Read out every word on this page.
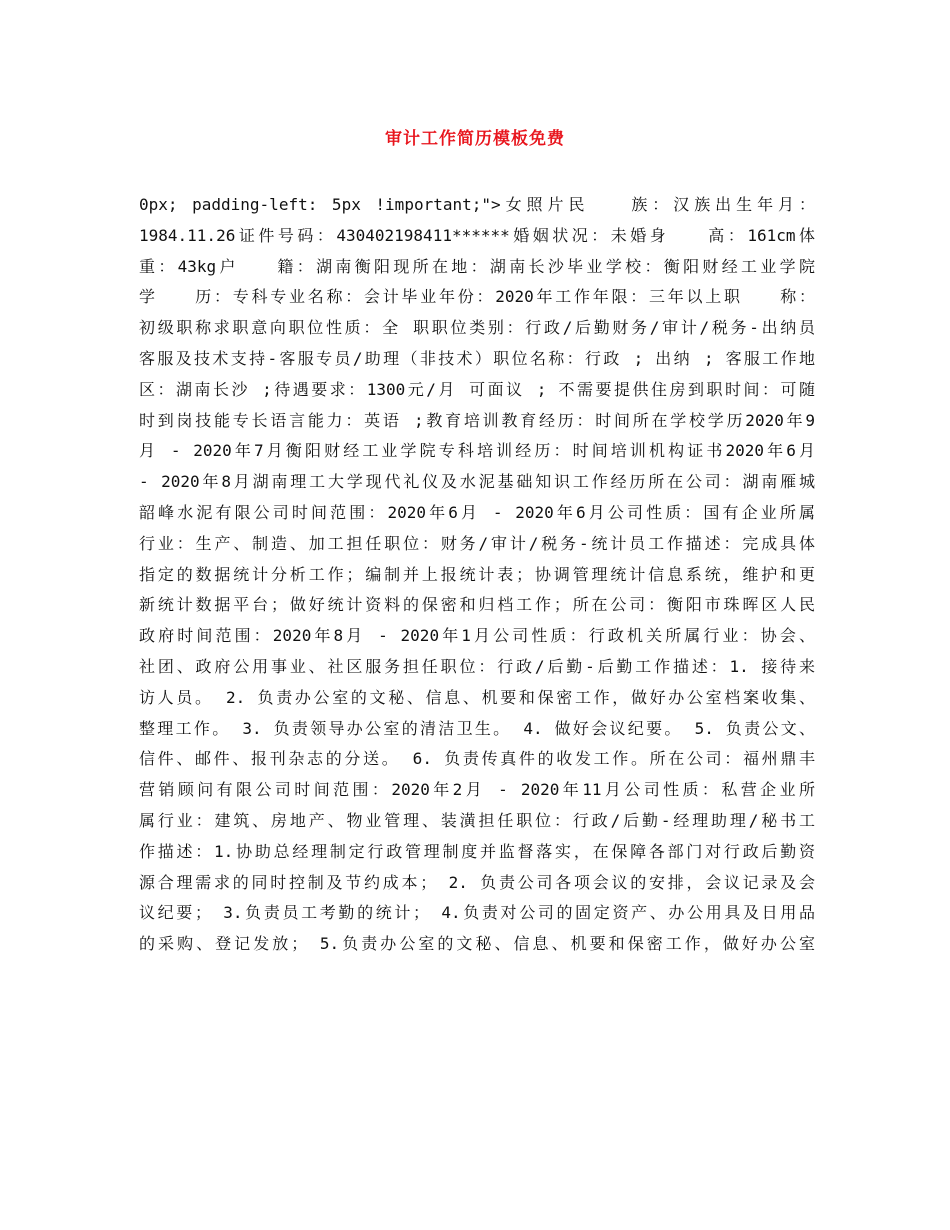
审计工作简历模板免费
0px; padding-left: 5px !important;">女照片民　　族：汉族出生年月：
1984.11.26证件号码：430402198411******婚姻状况：未婚身　　高：161cm体
重：43kg户　　籍：湖南衡阳现所在地：湖南长沙毕业学校：衡阳财经工业学院
学　　历：专科专业名称：会计毕业年份：2020年工作年限：三年以上职　　称：
初级职称求职意向职位性质：全 职职位类别：行政/后勤财务/审计/税务-出纳员
客服及技术支持-客服专员/助理（非技术）职位名称：行政 ; 出纳 ; 客服工作地
区：湖南长沙 ;待遇要求：1300元/月 可面议 ; 不需要提供住房到职时间：可随
时到岗技能专长语言能力：英语 ;教育培训教育经历：时间所在学校学历2020年9
月 - 2020年7月衡阳财经工业学院专科培训经历：时间培训机构证书2020年6月
- 2020年8月湖南理工大学现代礼仪及水泥基础知识工作经历所在公司：湖南雁城
韶峰水泥有限公司时间范围：2020年6月 - 2020年6月公司性质：国有企业所属
行业：生产、制造、加工担任职位：财务/审计/税务-统计员工作描述：完成具体
指定的数据统计分析工作；编制并上报统计表；协调管理统计信息系统，维护和更
新统计数据平台；做好统计资料的保密和归档工作；所在公司：衡阳市珠晖区人民
政府时间范围：2020年8月 - 2020年1月公司性质：行政机关所属行业：协会、
社团、政府公用事业、社区服务担任职位：行政/后勤-后勤工作描述：1. 接待来
访人员。 2. 负责办公室的文秘、信息、机要和保密工作，做好办公室档案收集、
整理工作。 3. 负责领导办公室的清洁卫生。 4. 做好会议纪要。 5. 负责公文、
信件、邮件、报刊杂志的分送。 6. 负责传真件的收发工作。所在公司：福州鼎丰
营销顾问有限公司时间范围：2020年2月 - 2020年11月公司性质：私营企业所
属行业：建筑、房地产、物业管理、装潢担任职位：行政/后勤-经理助理/秘书工
作描述：1.协助总经理制定行政管理制度并监督落实，在保障各部门对行政后勤资
源合理需求的同时控制及节约成本； 2. 负责公司各项会议的安排，会议记录及会
议纪要； 3.负责员工考勤的统计； 4.负责对公司的固定资产、办公用具及日用品
的采购、登记发放； 5.负责办公室的文秘、信息、机要和保密工作，做好办公室
